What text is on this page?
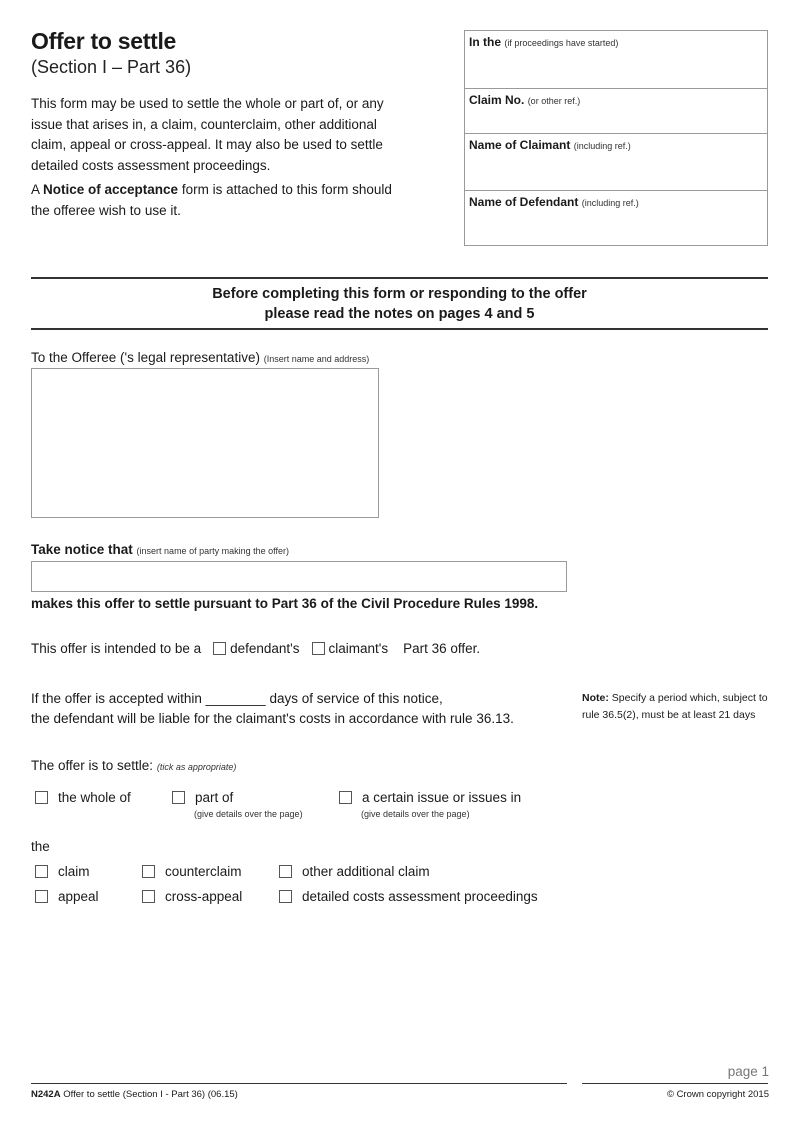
Offer to settle
(Section I – Part 36)

This form may be used to settle the whole or part of, or any issue that arises in, a claim, counterclaim, other additional claim, appeal or cross-appeal. It may also be used to settle detailed costs assessment proceedings.

A Notice of acceptance form is attached to this form should the offeree wish to use it.

In the (if proceedings have started)
Claim No. (or other ref.)
Name of Claimant (including ref.)
Name of Defendant (including ref.)
Before completing this form or responding to the offer
please read the notes on pages 4 and 5
To the Offeree ('s legal representative) (Insert name and address)
Take notice that (insert name of party making the offer)
makes this offer to settle pursuant to Part 36 of the Civil Procedure Rules 1998.
This offer is intended to be a defendant's claimant's Part 36 offer.
If the offer is accepted within ________ days of service of this notice,
the defendant will be liable for the claimant's costs in accordance with rule 36.13.
Note: Specify a period which, subject to rule 36.5(2), must be at least 21 days
The offer is to settle: (tick as appropriate)
the whole of	part of
(give details over the page)
a certain issue or issues in
(give details over the page)
the
claim	counterclaim	other additional claim
appeal	cross-appeal	detailed costs assessment proceedings
page 1
N242A Offer to settle (Section I - Part 36) (06.15)	© Crown copyright 2015
